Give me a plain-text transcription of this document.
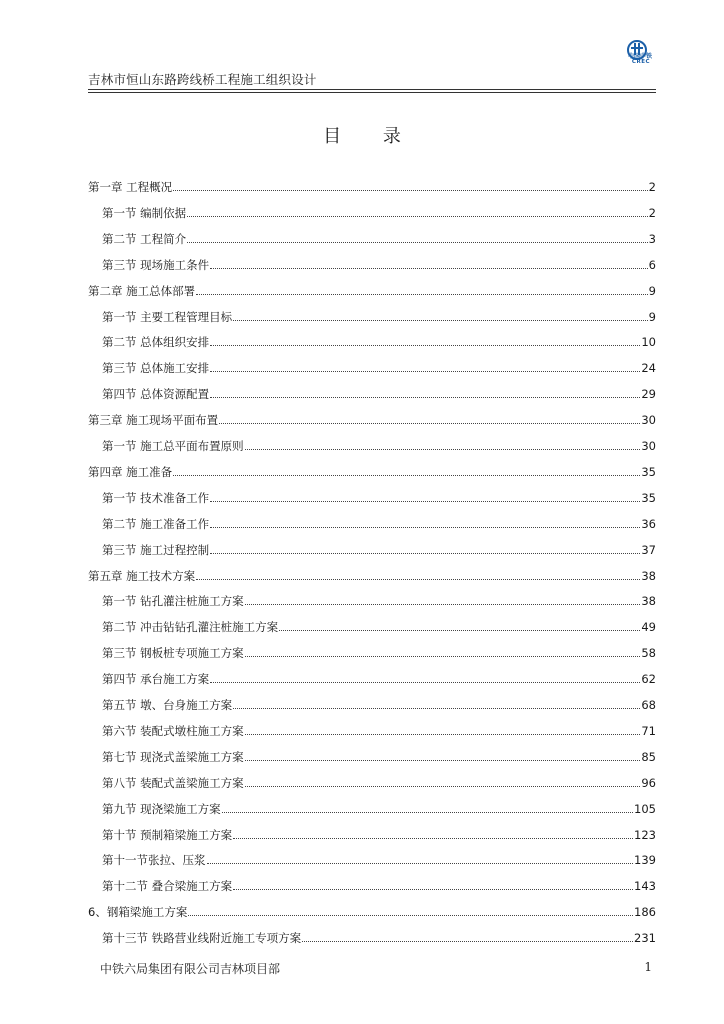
吉林市恒山东路跨线桥工程施工组织设计
中国中铁
CREC
目 录
第一章 工程概况	2
第一节 编制依据	2
第二节 工程简介	3
第三节 现场施工条件	6
第二章 施工总体部署	9
第一节 主要工程管理目标	9
第二节 总体组织安排	10
第三节 总体施工安排	24
第四节 总体资源配置	29
第三章 施工现场平面布置	30
第一节 施工总平面布置原则	30
第四章 施工准备	35
第一节 技术准备工作	35
第二节 施工准备工作	36
第三节 施工过程控制	37
第五章 施工技术方案	38
第一节 钻孔灌注桩施工方案	38
第二节 冲击钻钻孔灌注桩施工方案	49
第三节 钢板桩专项施工方案	58
第四节 承台施工方案	62
第五节 墩、台身施工方案	68
第六节 装配式墩柱施工方案	71
第七节 现浇式盖梁施工方案	85
第八节 装配式盖梁施工方案	96
第九节 现浇梁施工方案	105
第十节 预制箱梁施工方案	123
第十一节张拉、压浆	139
第十二节 叠合梁施工方案	143
6、钢箱梁施工方案	186
第十三节 铁路营业线附近施工专项方案	231
中铁六局集团有限公司吉林项目部	1
